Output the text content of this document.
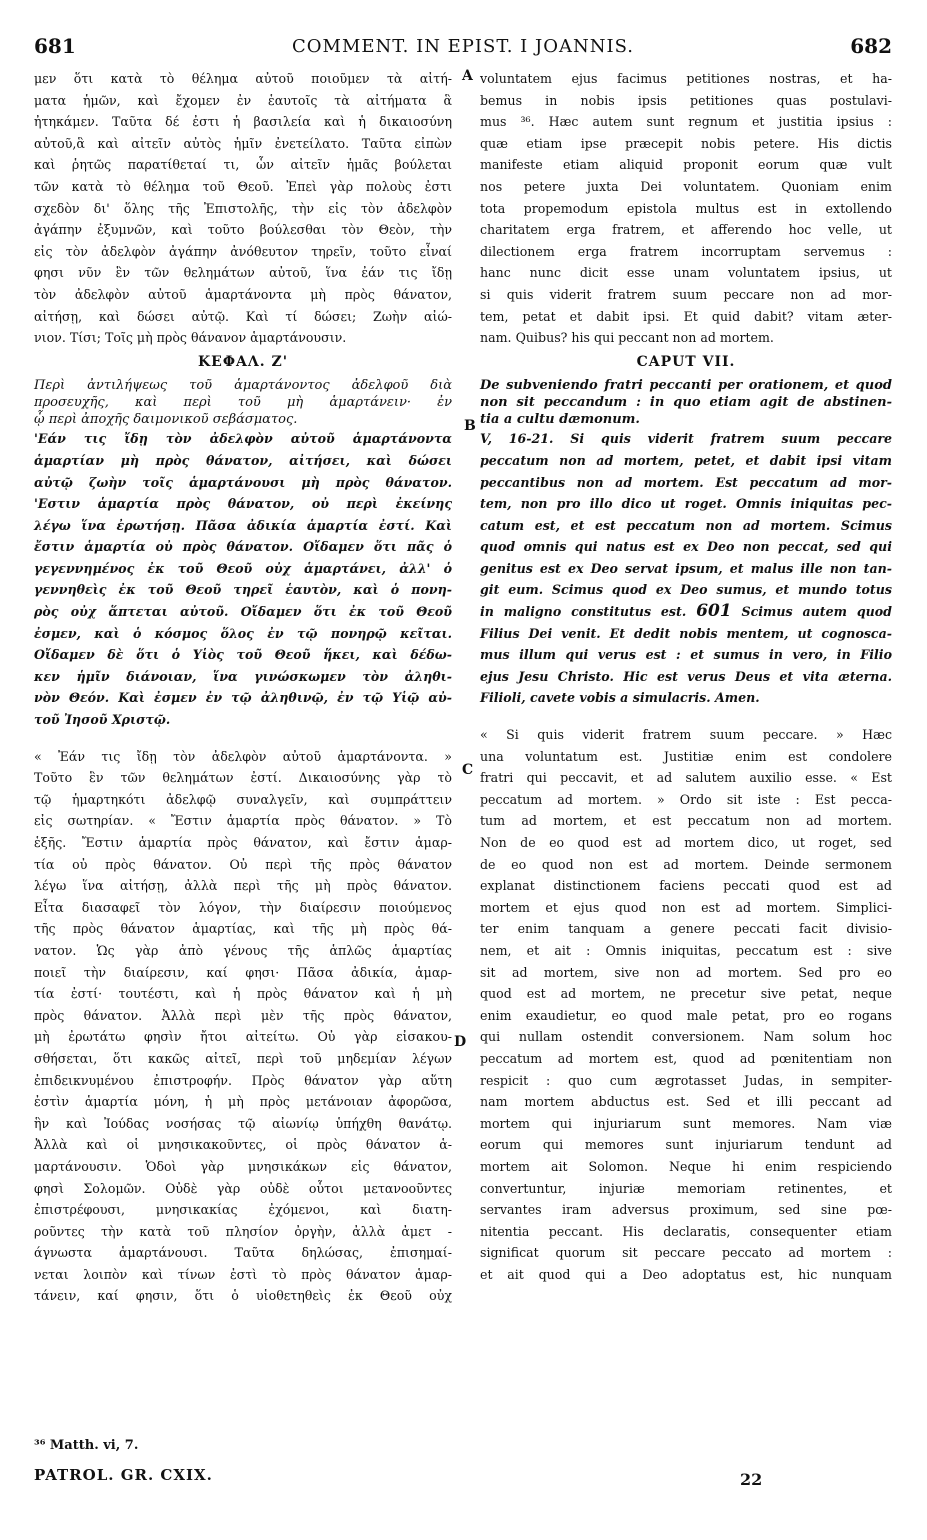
681	COMMENT. IN EPIST. I JOANNIS.	682

μεν ὅτι κατὰ τὸ θέλημα αὐτοῦ ποιοῦμεν τὰ αἰτή-

ματα ἡμῶν, καὶ ἔχομεν ἐν ἑαυτοῖς τὰ αἰτήματα ἃ

ἠτηκάμεν. Ταῦτα δέ ἐστι ἡ βασιλεία καὶ ἡ δικαιοσύνη

αὐτοῦ,ἃ καὶ αἰτεῖν αὐτὸς ἡμῖν ἐνετείλατο. Ταῦτα εἰπὼν

καὶ ῥητῶς παρατίθεταί τι, ὧν αἰτεῖν ἡμᾶς βούλεται

τῶν κατὰ τὸ θέλημα τοῦ Θεοῦ. Ἐπεὶ γὰρ πολοὺς ἐστι

σχεδὸν δι' ὅλης τῆς Ἐπιστολῆς, τὴν εἰς τὸν ἀδελφὸν

ἀγάπην ἐξυμνῶν, καὶ τοῦτο βούλεσθαι τὸν Θεὸν, τὴν

εἰς τὸν ἀδελφὸν ἀγάπην ἀνόθευτον τηρεῖν, τοῦτο εἶναί

φησι νῦν ἓν τῶν θελημάτων αὐτοῦ, ἵνα ἐάν τις ἴδῃ

τὸν ἀδελφὸν αὐτοῦ ἁμαρτάνοντα μὴ πρὸς θάνατον,

αἰτήσῃ, καὶ δώσει αὐτῷ. Καὶ τί δώσει; Ζωὴν αἰώ-

νιον. Τίσι; Τοῖς μὴ πρὸς θάνανον ἁμαρτάνουσιν.

ΚΕΦΑΛ. Ζ'

Περὶ ἀντιλήψεως τοῦ ἁμαρτάνοντος ἀδελφοῦ διὰ

προσευχῆς, καὶ περὶ τοῦ μὴ ἁμαρτάνειν· ἐν

ᾧ περὶ ἀποχῆς δαιμονικοῦ σεβάσματος.

'Εάν τις ἴδῃ τὸν ἀδελφὸν αὐτοῦ ἁμαρτάνοντα

ἁμαρτίαν μὴ πρὸς θάνατον, αἰτήσει, καὶ δώσει

αὐτῷ ζωὴν τοῖς ἁμαρτάνουσι μὴ πρὸς θάνατον.

'Εστιν ἁμαρτία πρὸς θάνατον, οὐ περὶ ἐκείνης

λέγω ἵνα ἐρωτήσῃ. Πᾶσα ἀδικία ἁμαρτία ἐστί. Καὶ

ἔστιν ἁμαρτία οὐ πρὸς θάνατον. Οἴδαμεν ὅτι πᾶς ὁ

γεγεννημένος ἐκ τοῦ Θεοῦ οὐχ ἁμαρτάνει, ἀλλ' ὁ

γεννηθεὶς ἐκ τοῦ Θεοῦ τηρεῖ ἑαυτὸν, καὶ ὁ πονη-

ρὸς οὐχ ἅπτεται αὐτοῦ. Οἴδαμεν ὅτι ἐκ τοῦ Θεοῦ

ἐσμεν, καὶ ὁ κόσμος ὅλος ἐν τῷ πονηρῷ κεῖται.

Οἴδαμεν δὲ ὅτι ὁ Υἱὸς τοῦ Θεοῦ ἥκει, καὶ δέδω-

κεν ἡμῖν διάνοιαν, ἵνα γινώσκωμεν τὸν ἀληθι-

νὸν Θεόν. Καὶ ἐσμεν ἐν τῷ ἀληθινῷ, ἐν τῷ Υἱῷ αὐ-

τοῦ Ἰησοῦ Χριστῷ.

« Ἐάν τις ἴδῃ τὸν ἀδελφὸν αὐτοῦ ἁμαρτάνοντα. »

Τοῦτο ἓν τῶν θελημάτων ἐστί. Δικαιοσύνης γὰρ τὸ

τῷ ἡμαρτηκότι ἀδελφῷ συναλγεῖν, καὶ συμπράττειν

εἰς σωτηρίαν. « Ἔστιν ἁμαρτία πρὸς θάνατον. » Τὸ

ἑξῆς. Ἔστιν ἁμαρτία πρὸς θάνατον, καὶ ἔστιν ἁμαρ-

τία οὐ πρὸς θάνατον. Οὐ περὶ τῆς πρὸς θάνατον

λέγω ἵνα αἰτήσῃ, ἀλλὰ περὶ τῆς μὴ πρὸς θάνατον.

Εἶτα διασαφεῖ τὸν λόγον, τὴν διαίρεσιν ποιούμενος

τῆς πρὸς θάνατον ἁμαρτίας, καὶ τῆς μὴ πρὸς θά-

νατον. Ὡς γὰρ ἀπὸ γένους τῆς ἁπλῶς ἁμαρτίας

ποιεῖ τὴν διαίρεσιν, καί φησι· Πᾶσα ἀδικία, ἁμαρ-

τία ἐστί· τουτέστι, καὶ ἡ πρὸς θάνατον καὶ ἡ μὴ

πρὸς θάνατον. Ἀλλὰ περὶ μὲν τῆς πρὸς θάνατον,

μὴ ἐρωτάτω φησὶν ἤτοι αἰτείτω. Οὐ γὰρ εἰσακου-

σθήσεται, ὅτι κακῶς αἰτεῖ, περὶ τοῦ μηδεμίαν λέγων

ἐπιδεικνυμένου ἐπιστροφήν. Πρὸς θάνατον γὰρ αὕτη

ἐστὶν ἁμαρτία μόνη, ἡ μὴ πρὸς μετάνοιαν ἀφορῶσα,

ἣν καὶ Ἰούδας νοσήσας τῷ αἰωνίῳ ὑπήχθη θανάτῳ.

Ἀλλὰ καὶ οἱ μνησικακοῦντες, οἱ πρὸς θάνατον ἁ-

μαρτάνουσιν. Ὁδοὶ γὰρ μνησικάκων εἰς θάνατον,

φησὶ Σολομῶν. Οὐδὲ γὰρ οὐδὲ οὗτοι μετανοοῦντες

ἐπιστρέφουσι, μνησικακίας ἐχόμενοι, καὶ διατη-

ροῦντες τὴν κατὰ τοῦ πλησίον ὀργὴν, ἀλλὰ ἀμετ -

άγνωστα ἁμαρτάνουσι. Ταῦτα δηλώσας, ἐπισημαί-

νεται λοιπὸν καὶ τίνων ἐστὶ τὸ πρὸς θάνατον ἁμαρ-

τάνειν, καί φησιν, ὅτι ὁ υἱοθετηθεὶς ἐκ Θεοῦ οὐχ

voluntatem ejus facimus petitiones nostras, et ha-

bemus in nobis ipsis petitiones quas postulavi-

mus ³⁶. Hæc autem sunt regnum et justitia ipsius :

quæ etiam ipse præcepit nobis petere. His dictis

manifeste etiam aliquid proponit eorum quæ vult

nos petere juxta Dei voluntatem. Quoniam enim

tota propemodum epistola multus est in extollendo

charitatem erga fratrem, et afferendo hoc velle, ut

dilectionem erga fratrem incorruptam servemus :

hanc nunc dicit esse unam voluntatem ipsius, ut

si quis viderit fratrem suum peccare non ad mor-

tem, petat et dabit ipsi. Et quid dabit? vitam æter-

nam. Quibus? his qui peccant non ad mortem.

CAPUT VII.

De subveniendo fratri peccanti per orationem, et quod

non sit peccandum : in quo etiam agit de abstinen-

tia a cultu dæmonum.

V, 16-21. Si quis viderit fratrem suum peccare

peccatum non ad mortem, petet, et dabit ipsi vitam

peccantibus non ad mortem. Est peccatum ad mor-

tem, non pro illo dico ut roget. Omnis iniquitas pec-

catum est, et est peccatum non ad mortem. Scimus

quod omnis qui natus est ex Deo non peccat, sed qui

genitus est ex Deo servat ipsum, et malus ille non tan-

git eum. Scimus quod ex Deo sumus, et mundo totus

in maligno constitutus est. 601 Scimus autem quod

Filius Dei venit. Et dedit nobis mentem, ut cognosca-

mus illum qui verus est : et sumus in vero, in Filio

ejus Jesu Christo. Hic est verus Deus et vita æterna.

Filioli, cavete vobis a simulacris. Amen.

« Si quis viderit fratrem suum peccare. » Hæc

una voluntatum est. Justitiæ enim est condolere

fratri qui peccavit, et ad salutem auxilio esse. « Est

peccatum ad mortem. » Ordo sit iste : Est pecca-

tum ad mortem, et est peccatum non ad mortem.

Non de eo quod est ad mortem dico, ut roget, sed

de eo quod non est ad mortem. Deinde sermonem

explanat distinctionem faciens peccati quod est ad

mortem et ejus quod non est ad mortem. Simplici-

ter enim tanquam a genere peccati facit divisio-

nem, et ait : Omnis iniquitas, peccatum est : sive

sit ad mortem, sive non ad mortem. Sed pro eo

quod est ad mortem, ne precetur sive petat, neque

enim exaudietur, eo quod male petat, pro eo rogans

qui nullam ostendit conversionem. Nam solum hoc

peccatum ad mortem est, quod ad pœnitentiam non

respicit : quo cum ægrotasset Judas, in sempiter-

nam mortem abductus est. Sed et illi peccant ad

mortem qui injuriarum sunt memores. Nam viæ

eorum qui memores sunt injuriarum tendunt ad

mortem ait Solomon. Neque hi enim respiciendo

convertuntur, injuriæ memoriam retinentes, et

servantes iram adversus proximum, sed sine pœ-

nitentia peccant. His declaratis, consequenter etiam

significat quorum sit peccare peccato ad mortem :

et ait quod qui a Deo adoptatus est, hic nunquam

A
B
C
D
³⁶ Matth. vi, 7.
PATROL. GR. CXIX.	22
